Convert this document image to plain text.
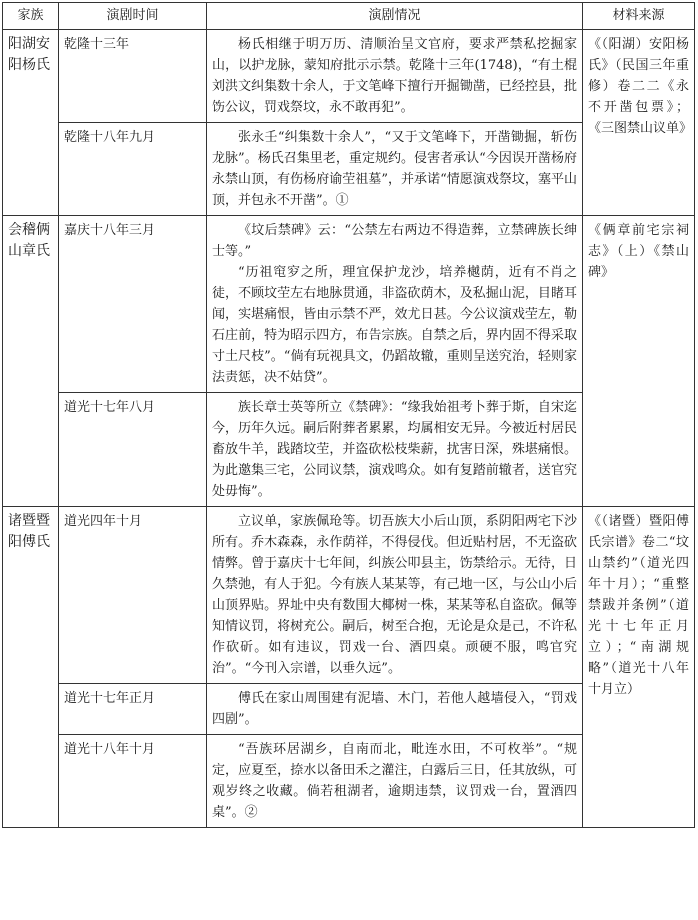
家族	演剧时间	演剧情况	材料来源
阳湖安阳杨氏	乾隆十三年	杨氏相继于明万历、清顺治呈文官府，要求严禁私挖掘家山，以护龙脉，蒙知府批示示禁。乾隆十三年(1748)，“有土棍刘洪文纠集数十余人，于文笔峰下擅行开掘锄凿，已经控县，批饬公议，罚戏祭坟，永不敢再犯”。	《（阳湖）安阳杨氏》（民国三年重修）卷二二《永不开凿包票》；《三图禁山议单》
	乾隆十八年九月	张永壬“纠集数十余人”，“又于文笔峰下，开凿锄掘，斩伤龙脉”。杨氏召集里老，重定规约。侵害者承认“今因误开凿杨府永禁山顶，有伤杨府谕茔祖墓”，并承诺“情愿演戏祭坟，塞平山顶，并包永不开凿”。①	

会稽俩山章氏	嘉庆十八年三月	《坟后禁碑》云：“公禁左右两边不得造葬，立禁碑族长绅士等。”
“历祖窀穸之所，理宜保护龙沙，培养樾荫，近有不肖之徒，不顾坟茔左右地脉贯通，非盗砍荫木，及私掘山泥，目睹耳闻，实堪痛恨，皆由示禁不严，效尤日甚。今公议演戏茔左，勒石庄前，特为昭示四方，布告宗族。自禁之后，界内固不得采取寸土尺枝”。“倘有玩视具文，仍蹈故辙，重则呈送究治，轻则家法责惩，决不姑贷”。	《俩章前宅宗祠志》（上）《禁山碑》
	道光十七年八月	族长章士英等所立《禁碑》：“缘我始祖考卜葬于斯，自宋迄今，历年久远。嗣后附葬者累累，均属相安无异。今被近村居民畜放牛羊，践踏坟茔，并盗砍松枝柴薪，扰害日深，殊堪痛恨。为此邀集三宅，公同议禁，演戏鸣众。如有复踏前辙者，送官究处毋悔”。	

诸暨暨阳傅氏	道光四年十月	立议单，家族佩玱等。切吾族大小后山顶，系阴阳两宅下沙所有。乔木森森，永作荫祥，不得侵伐。但近贴村居，不无盗砍情弊。曾于嘉庆十七年间，纠族公叩县主，饬禁给示。无待，日久禁弛，有人于犯。今有族人某某等，有己地一区，与公山小后山顶界贴。界址中央有数围大椰树一株，某某等私自盗砍。佩等知情议罚，将树充公。嗣后，树至合抱，无论是众是己，不许私作砍斫。如有违议，罚戏一台、酒四桌。顽硬不服，鸣官究治”。“今刊入宗谱，以垂久远”。	《（诸暨）暨阳傅氏宗谱》卷二“坟山禁约”（道光四年十月）；“重整禁跋并条例”（道光十七年正月立）；“南湖规略”（道光十八年十月立）
	道光十七年正月	傅氏在家山周围建有泥墙、木门，若他人越墙侵入，“罚戏四剧”。	

	道光十八年十月	“吾族环居湖乡，自南而北，毗连水田，不可枚举”。“规定，应夏至，捺水以备田禾之灌注，白露后三日，任其放纵，可观岁终之收藏。倘若租湖者，逾期违禁，议罚戏一台，置酒四桌”。②	
